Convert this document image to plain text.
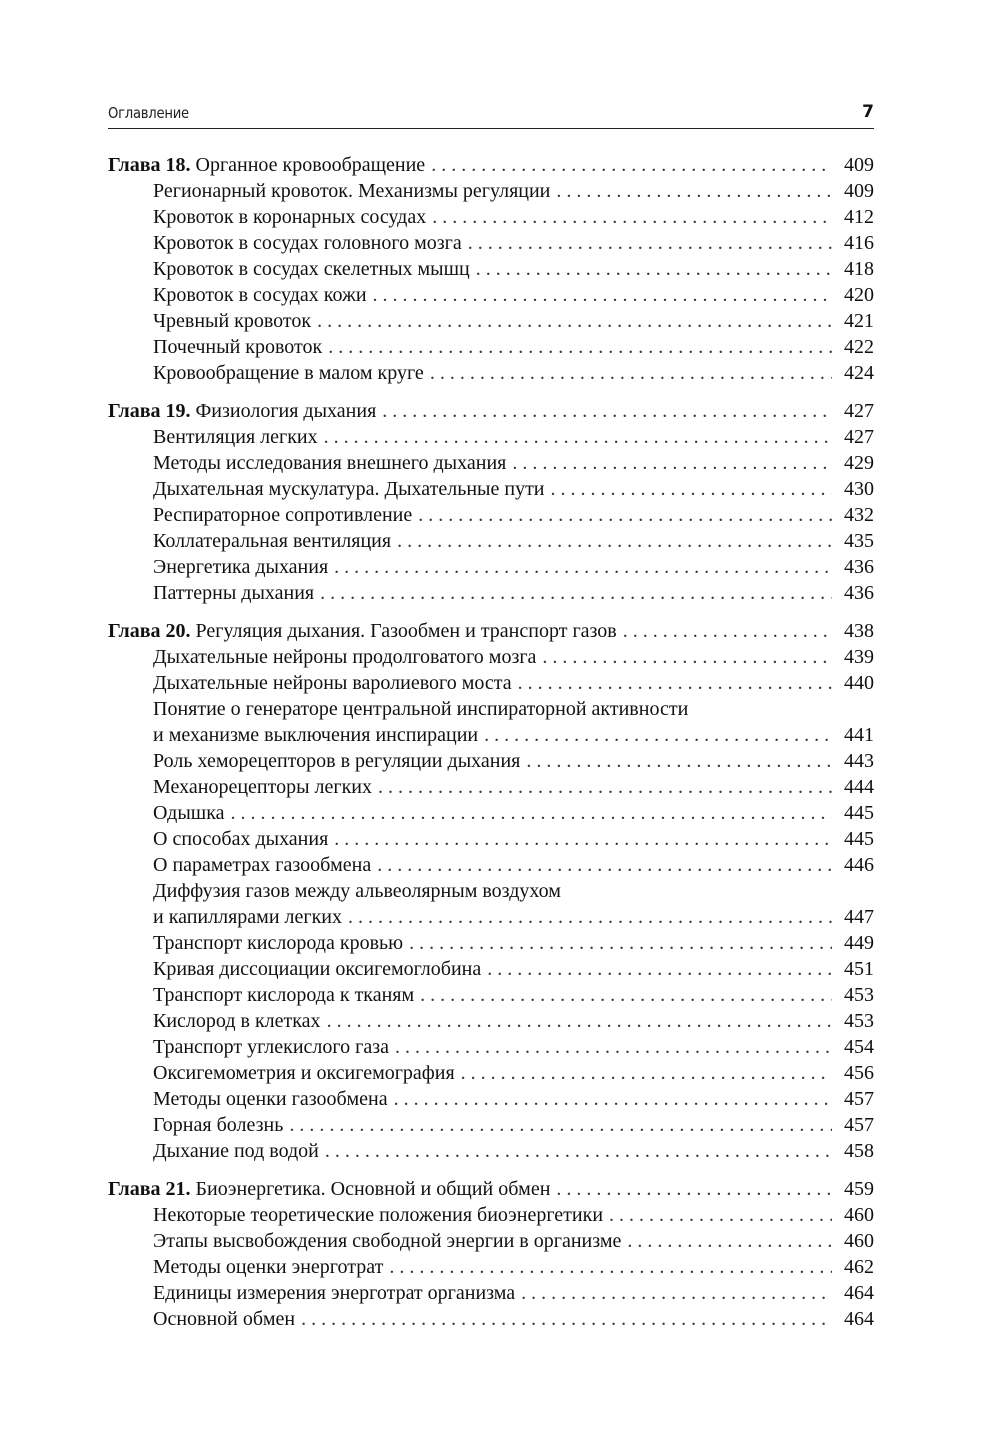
Оглавление	7
Глава 18. Органное кровообращение . . .	409
Регионарный кровоток. Механизмы регуляции . . .	409
Кровоток в коронарных сосудах . . .	412
Кровоток в сосудах головного мозга . . .	416
Кровоток в сосудах скелетных мышц . . .	418
Кровоток в сосудах кожи . . .	420
Чревный кровоток . . .	421
Почечный кровоток . . .	422
Кровообращение в малом круге . . .	424
Глава 19. Физиология дыхания . . .	427
Вентиляция легких . . .	427
Методы исследования внешнего дыхания . . .	429
Дыхательная мускулатура. Дыхательные пути . . .	430
Респираторное сопротивление . . .	432
Коллатеральная вентиляция . . .	435
Энергетика дыхания . . .	436
Паттерны дыхания . . .	436
Глава 20. Регуляция дыхания. Газообмен и транспорт газов . . .	438
Дыхательные нейроны продолговатого мозга . . .	439
Дыхательные нейроны варолиевого моста . . .	440
Понятие о генераторе центральной инспираторной активности
и механизме выключения инспирации . . .	441
Роль хеморецепторов в регуляции дыхания . . .	443
Механорецепторы легких . . .	444
Одышка . . .	445
О способах дыхания . . .	445
О параметрах газообмена . . .	446
Диффузия газов между альвеолярным воздухом
и капиллярами легких . . .	447
Транспорт кислорода кровью . . .	449
Кривая диссоциации оксигемоглобина . . .	451
Транспорт кислорода к тканям . . .	453
Кислород в клетках . . .	453
Транспорт углекислого газа . . .	454
Оксигемометрия и оксигемография . . .	456
Методы оценки газообмена . . .	457
Горная болезнь . . .	457
Дыхание под водой . . .	458
Глава 21. Биоэнергетика. Основной и общий обмен . . .	459
Некоторые теоретические положения биоэнергетики . . .	460
Этапы высвобождения свободной энергии в организме . . .	460
Методы оценки энерготрат . . .	462
Единицы измерения энерготрат организма . . .	464
Основной обмен . . .	464
